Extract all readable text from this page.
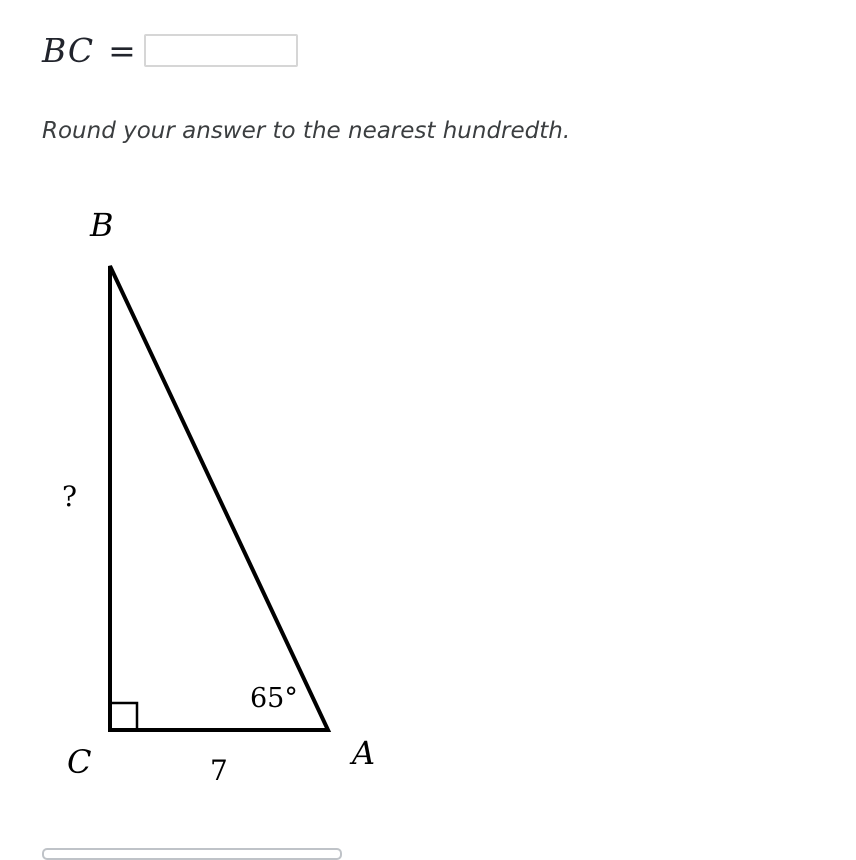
BC =

Round your answer to the nearest hundredth.

B
C	A
?
7
65°
